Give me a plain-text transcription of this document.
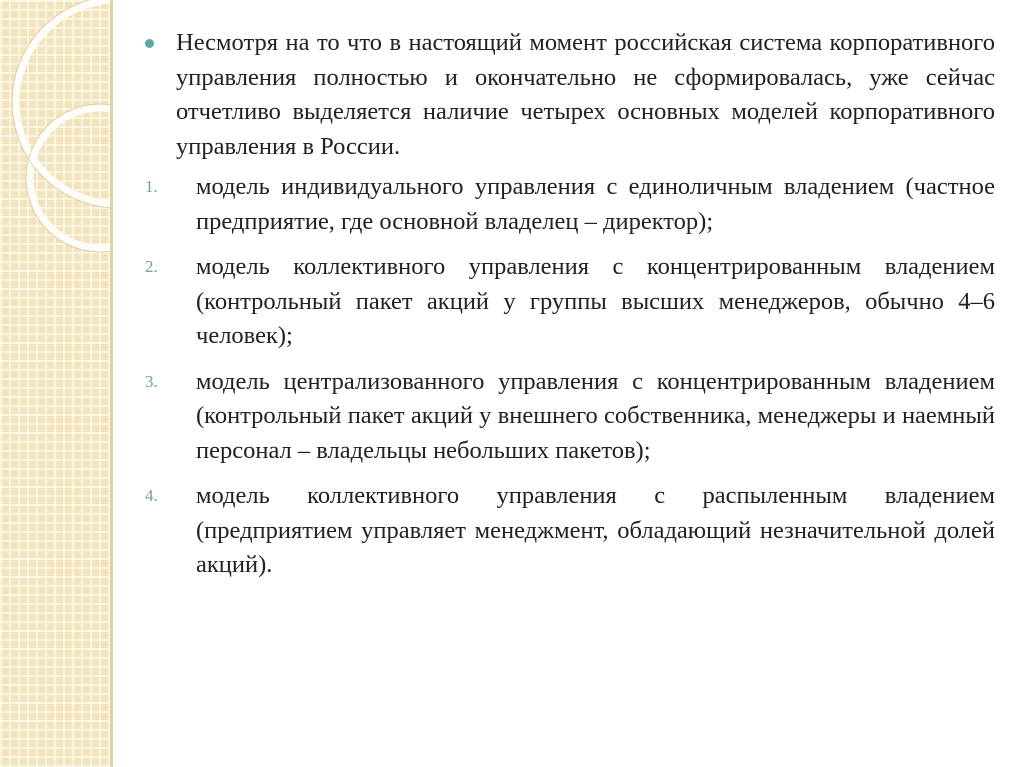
Несмотря на то что в настоящий момент российская система корпоративного управления полностью и окончательно не сформировалась, уже сейчас отчетливо выделяется наличие четырех основных моделей корпоративного управления в России.

1. модель индивидуального управления с единоличным владением (частное предприятие, где основной владелец – директор);

2. модель коллективного управления с концентрированным владением (контрольный пакет акций у группы высших менеджеров, обычно 4–6 человек);

3. модель централизованного управления с концентрированным владением (контрольный пакет акций у внешнего собственника, менеджеры и наемный персонал – владельцы небольших пакетов);

4. модель коллективного управления с распыленным владением (предприятием управляет менеджмент, обладающий незначительной долей акций).
